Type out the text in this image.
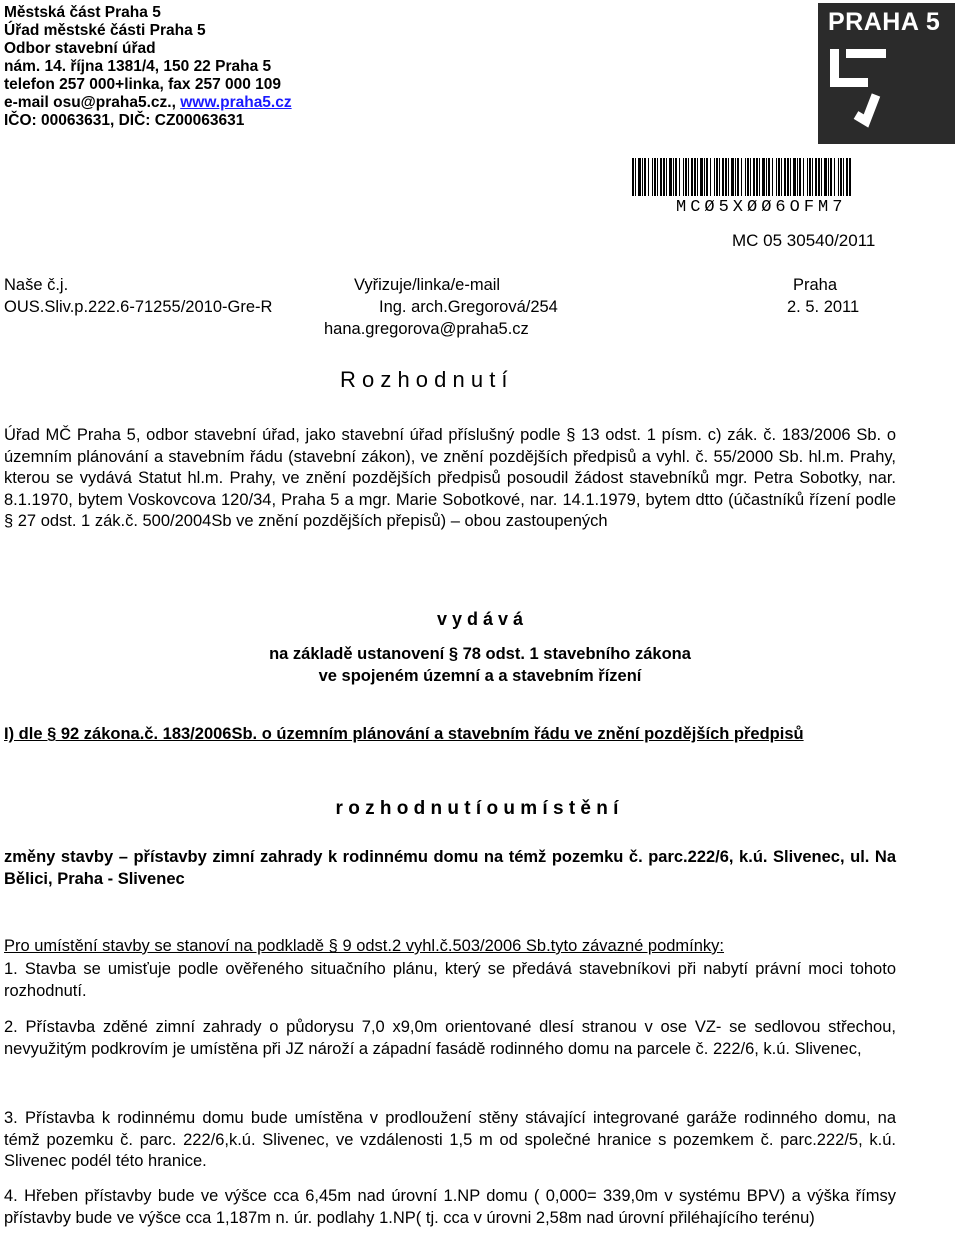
Městská část Praha 5
Úřad městské části Praha 5
Odbor stavební úřad
nám. 14. října 1381/4, 150 22 Praha 5
telefon 257 000+linka, fax 257 000 109
e-mail osu@praha5.cz., www.praha5.cz
IČO: 00063631, DIČ: CZ00063631
PRAHA 5
MCØ5XØØ6OFM7
MC 05 30540/2011
Naše č.j.
OUS.Sliv.p.222.6-71255/2010-Gre-R
Vyřizuje/linka/e-mail
Ing. arch.Gregorová/254
hana.gregorova@praha5.cz
Praha
2. 5. 2011
R o z h o d n u t í
Úřad MČ Praha 5, odbor stavební úřad, jako stavební úřad příslušný podle § 13 odst. 1 písm. c) zák. č. 183/2006 Sb. o územním plánování a stavebním řádu (stavební zákon), ve znění pozdějších předpisů a vyhl. č. 55/2000 Sb. hl.m. Prahy, kterou se vydává Statut hl.m. Prahy, ve znění pozdějších předpisů posoudil žádost stavebníků mgr. Petra Sobotky, nar. 8.1.1970, bytem Voskovcova 120/34, Praha 5 a mgr. Marie Sobotkové, nar. 14.1.1979, bytem dtto (účastníků řízení podle § 27 odst. 1 zák.č. 500/2004Sb ve znění pozdějších přepisů) – obou zastoupených
v y d á v á
na základě ustanovení § 78 odst. 1 stavebního zákona
ve spojeném územní a a stavebním řízení
I) dle § 92 zákona.č. 183/2006Sb. o územním plánování a stavebním řádu ve znění pozdějších předpisů
r o z h o d n u t í o u m í s t ě n í
změny stavby – přístavby zimní zahrady k rodinnému domu na témž pozemku č. parc.222/6, k.ú. Slivenec, ul. Na Bělici, Praha - Slivenec
Pro umístění stavby se stanoví na podkladě § 9 odst.2 vyhl.č.503/2006 Sb.tyto závazné podmínky:
1. Stavba se umisťuje podle ověřeného situačního plánu, který se předává stavebníkovi při nabytí právní moci tohoto rozhodnutí.
2. Přístavba zděné zimní zahrady o půdorysu 7,0 x9,0m orientované dlesí stranou v ose VZ- se sedlovou střechou, nevyužitým podkrovím je umístěna při JZ nároží a západní fasádě rodinného domu na parcele č. 222/6, k.ú. Slivenec,
3. Přístavba k rodinnému domu bude umístěna v prodloužení stěny stávající integrované garáže rodinného domu, na témž pozemku č. parc. 222/6,k.ú. Slivenec, ve vzdálenosti 1,5 m od společné hranice s pozemkem č. parc.222/5, k.ú. Slivenec podél této hranice.
4. Hřeben přístavby bude ve výšce cca 6,45m nad úrovní 1.NP domu ( 0,000= 339,0m v systému BPV) a výška římsy přístavby bude ve výšce cca 1,187m n. úr. podlahy 1.NP( tj. cca v úrovni 2,58m nad úrovní přiléhajícího terénu)
